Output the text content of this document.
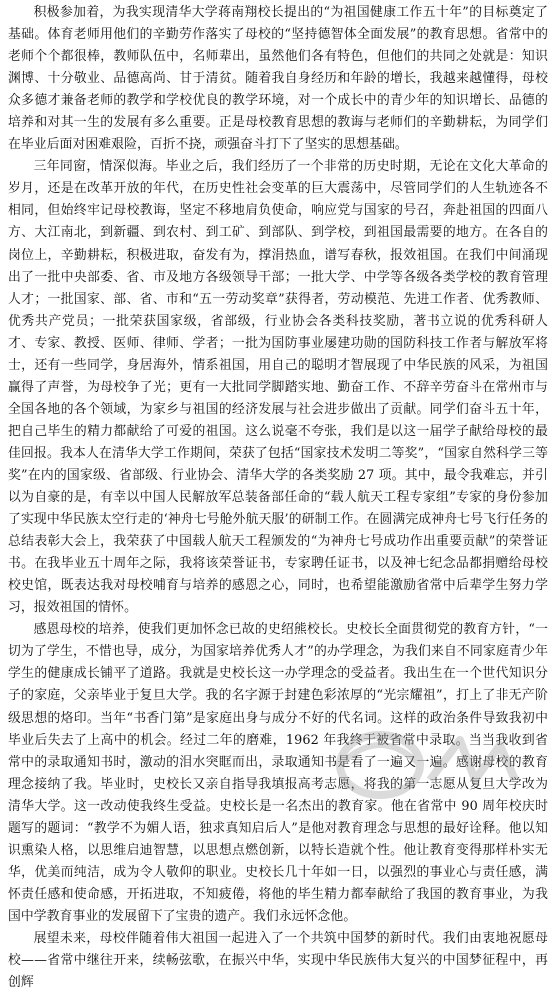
积极参加着，为我实现清华大学蒋南翔校长提出的“为祖国健康工作五十年”的目标奠定了基础。体育老师用他们的辛勤劳作落实了母校的“坚持德智体全面发展”的教育思想。省常中的老师个个都很棒，教师队伍中，名师辈出，虽然他们各有特色，但他们的共同之处就是：知识渊博、十分敬业、品德高尚、甘于清贫。随着我自身经历和年龄的增长，我越来越懂得，母校众多德才兼备老师的教学和学校优良的教学环境，对一个成长中的青少年的知识增长、品德的培养和对其一生的发展有多么重要。正是母校教育思想的教诲与老师们的辛勤耕耘，为同学们在毕业后面对困难艰险，百折不挠，顽强奋斗打下了坚实的思想基础。

三年同窗，情深似海。毕业之后，我们经历了一个非常的历史时期，无论在文化大革命的岁月，还是在改革开放的年代，在历史性社会变革的巨大震荡中，尽管同学们的人生轨迹各不相同，但始终牢记母校教诲，坚定不移地肩负使命，响应党与国家的号召，奔赴祖国的四面八方、大江南北，到新疆、到农村、到工矿、到部队、到学校，到祖国最需要的地方。在各自的岗位上，辛勤耕耘，积极进取，奋发有为，撑涓热血，谱写春秋，报效祖国。在我们中间涌现出了一批中央部委、省、市及地方各级领导干部；一批大学、中学等各级各类学校的教育管理人才；一批国家、部、省、市和“五一劳动奖章”获得者，劳动模范、先进工作者、优秀教师、优秀共产党员；一批荣获国家级，省部级，行业协会各类科技奖励，著书立说的优秀科研人才、专家、教授、医师、律师、学者；一批为国防事业屡建功勋的国防科技工作者与解放军将士，还有一些同学，身居海外，情系祖国，用自己的聪明才智展现了中华民族的风采，为祖国赢得了声誉，为母校争了光；更有一大批同学脚踏实地、勤奋工作、不辞辛劳奋斗在常州市与全国各地的各个领域，为家乡与祖国的经济发展与社会进步做出了贡献。同学们奋斗五十年，把自己毕生的精力都献给了可爱的祖国。这么说毫不夸张，我们是以这一届学子献给母校的最佳回报。我本人在清华大学工作期间，荣获了包括“国家技术发明二等奖”，“国家自然科学三等奖”在内的国家级、省部级、行业协会、清华大学的各类奖励 27 项。其中，最令我难忘，并引以为自豪的是，有幸以中国人民解放军总装备部任命的“载人航天工程专家组”专家的身份参加了实现中华民族太空行走的‘神舟七号舱外航天服’的研制工作。在圆满完成神舟七号飞行任务的总结表彰大会上，我荣获了中国载人航天工程颁发的“为神舟七号成功作出重要贡献”的荣誉证书。在我毕业五十周年之际，我将该荣誉证书，专家聘任证书，以及神七纪念品都捐赠给母校校史馆，既表达我对母校哺育与培养的感恩之心，同时，也希望能激励省常中后辈学生努力学习，报效祖国的情怀。

感恩母校的培养，使我们更加怀念已故的史绍熊校长。史校长全面贯彻党的教育方针，“一切为了学生，不惜也导，成分，为国家培养优秀人才”的办学理念，为我们来自不同家庭青少年学生的健康成长铺平了道路。我就是史校长这一办学理念的受益者。我出生在一个世代知识分子的家庭，父亲毕业于复旦大学。我的名字源于封建色彩浓厚的“光宗耀祖”，打上了非无产阶级思想的烙印。当年“书香门第”是家庭出身与成分不好的代名词。这样的政治条件导致我初中毕业后失去了上高中的机会。经过二年的磨难，1962 年我终于被省常中录取。当当我收到省常中的录取通知书时，激动的泪水突眶而出，录取通知书是看了一遍又一遍。感谢母校的教育理念接纳了我。毕业时，史校长又亲自指导我填报高考志愿，将我的第一志愿从复旦大学改为清华大学。这一改动使我终生受益。史校长是一名杰出的教育家。他在省常中 90 周年校庆时题写的题词：“教学不为媚人语，独求真知启后人”是他对教育理念与思想的最好诠释。他以知识熏染人格，以思维启迪智慧，以思想点燃创新，以特长造就个性。他让教育变得那样朴实无华，优美而纯洁，成为令人敬仰的职业。史校长几十年如一日，以强烈的事业心与责任感，满怀责任感和使命感，开拓进取，不知疲倦，将他的毕生精力都奉献给了我国的教育事业，为我国中学教育事业的发展留下了宝贵的遗产。我们永远怀念他。

展望未来，母校伴随着伟大祖国一起进入了一个共筑中国梦的新时代。我们由衷地祝愿母校——省常中继往开来，续畅弦歌，在振兴中华，实现中华民族伟大复兴的中国梦征程中，再创辉
